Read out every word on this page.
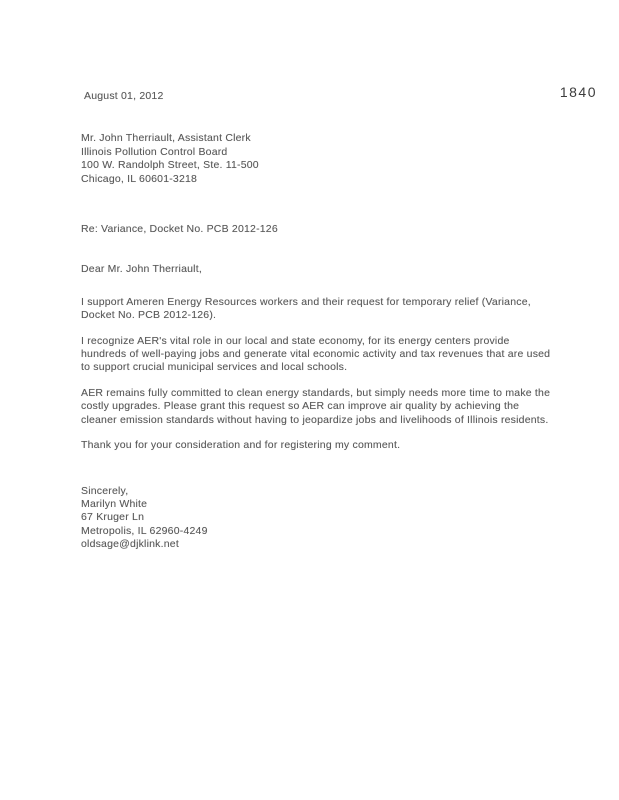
1840
August 01, 2012
Mr. John Therriault, Assistant Clerk
Illinois Pollution Control Board
100 W. Randolph Street, Ste. 11-500
Chicago, IL 60601-3218
Re: Variance, Docket No. PCB 2012-126
Dear Mr. John Therriault,

I support Ameren Energy Resources workers and their request for temporary relief (Variance, Docket No. PCB 2012-126).

I recognize AER's vital role in our local and state economy, for its energy centers provide hundreds of well-paying jobs and generate vital economic activity and tax revenues that are used to support crucial municipal services and local schools.

AER remains fully committed to clean energy standards, but simply needs more time to make the costly upgrades. Please grant this request so AER can improve air quality by achieving the cleaner emission standards without having to jeopardize jobs and livelihoods of Illinois residents.

Thank you for your consideration and for registering my comment.

Sincerely,
Marilyn White
67 Kruger Ln
Metropolis, IL 62960-4249
oldsage@djklink.net
